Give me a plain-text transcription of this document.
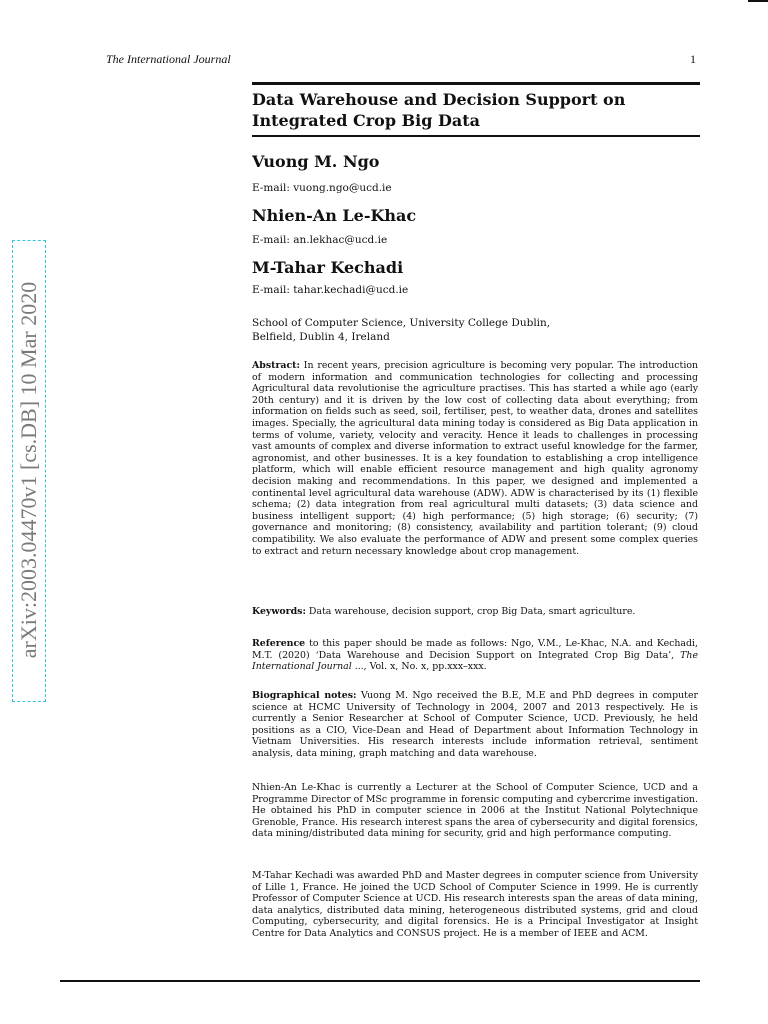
arXiv:2003.04470v1 [cs.DB] 10 Mar 2020
The International Journal	1
Data Warehouse and Decision Support on Integrated Crop Big Data
Vuong M. Ngo
E-mail: vuong.ngo@ucd.ie
Nhien-An Le-Khac
E-mail: an.lekhac@ucd.ie
M-Tahar Kechadi
E-mail: tahar.kechadi@ucd.ie
School of Computer Science, University College Dublin,
Belfield, Dublin 4, Ireland
Abstract: In recent years, precision agriculture is becoming very popular. The introduction of modern information and communication technologies for collecting and processing Agricultural data revolutionise the agriculture practises. This has started a while ago (early 20th century) and it is driven by the low cost of collecting data about everything; from information on fields such as seed, soil, fertiliser, pest, to weather data, drones and satellites images. Specially, the agricultural data mining today is considered as Big Data application in terms of volume, variety, velocity and veracity. Hence it leads to challenges in processing vast amounts of complex and diverse information to extract useful knowledge for the farmer, agronomist, and other businesses. It is a key foundation to establishing a crop intelligence platform, which will enable efficient resource management and high quality agronomy decision making and recommendations. In this paper, we designed and implemented a continental level agricultural data warehouse (ADW). ADW is characterised by its (1) flexible schema; (2) data integration from real agricultural multi datasets; (3) data science and business intelligent support; (4) high performance; (5) high storage; (6) security; (7) governance and monitoring; (8) consistency, availability and partition tolerant; (9) cloud compatibility. We also evaluate the performance of ADW and present some complex queries to extract and return necessary knowledge about crop management.
Keywords: Data warehouse, decision support, crop Big Data, smart agriculture.
Reference to this paper should be made as follows: Ngo, V.M., Le-Khac, N.A. and Kechadi, M.T. (2020) ‘Data Warehouse and Decision Support on Integrated Crop Big Data’, The International Journal ..., Vol. x, No. x, pp.xxx–xxx.
Biographical notes: Vuong M. Ngo received the B.E, M.E and PhD degrees in computer science at HCMC University of Technology in 2004, 2007 and 2013 respectively. He is currently a Senior Researcher at School of Computer Science, UCD. Previously, he held positions as a CIO, Vice-Dean and Head of Department about Information Technology in Vietnam Universities. His research interests include information retrieval, sentiment analysis, data mining, graph matching and data warehouse.
Nhien-An Le-Khac is currently a Lecturer at the School of Computer Science, UCD and a Programme Director of MSc programme in forensic computing and cybercrime investigation. He obtained his PhD in computer science in 2006 at the Institut National Polytechnique Grenoble, France. His research interest spans the area of cybersecurity and digital forensics, data mining/distributed data mining for security, grid and high performance computing.
M-Tahar Kechadi was awarded PhD and Master degrees in computer science from University of Lille 1, France. He joined the UCD School of Computer Science in 1999. He is currently Professor of Computer Science at UCD. His research interests span the areas of data mining, data analytics, distributed data mining, heterogeneous distributed systems, grid and cloud Computing, cybersecurity, and digital forensics. He is a Principal Investigator at Insight Centre for Data Analytics and CONSUS project. He is a member of IEEE and ACM.
